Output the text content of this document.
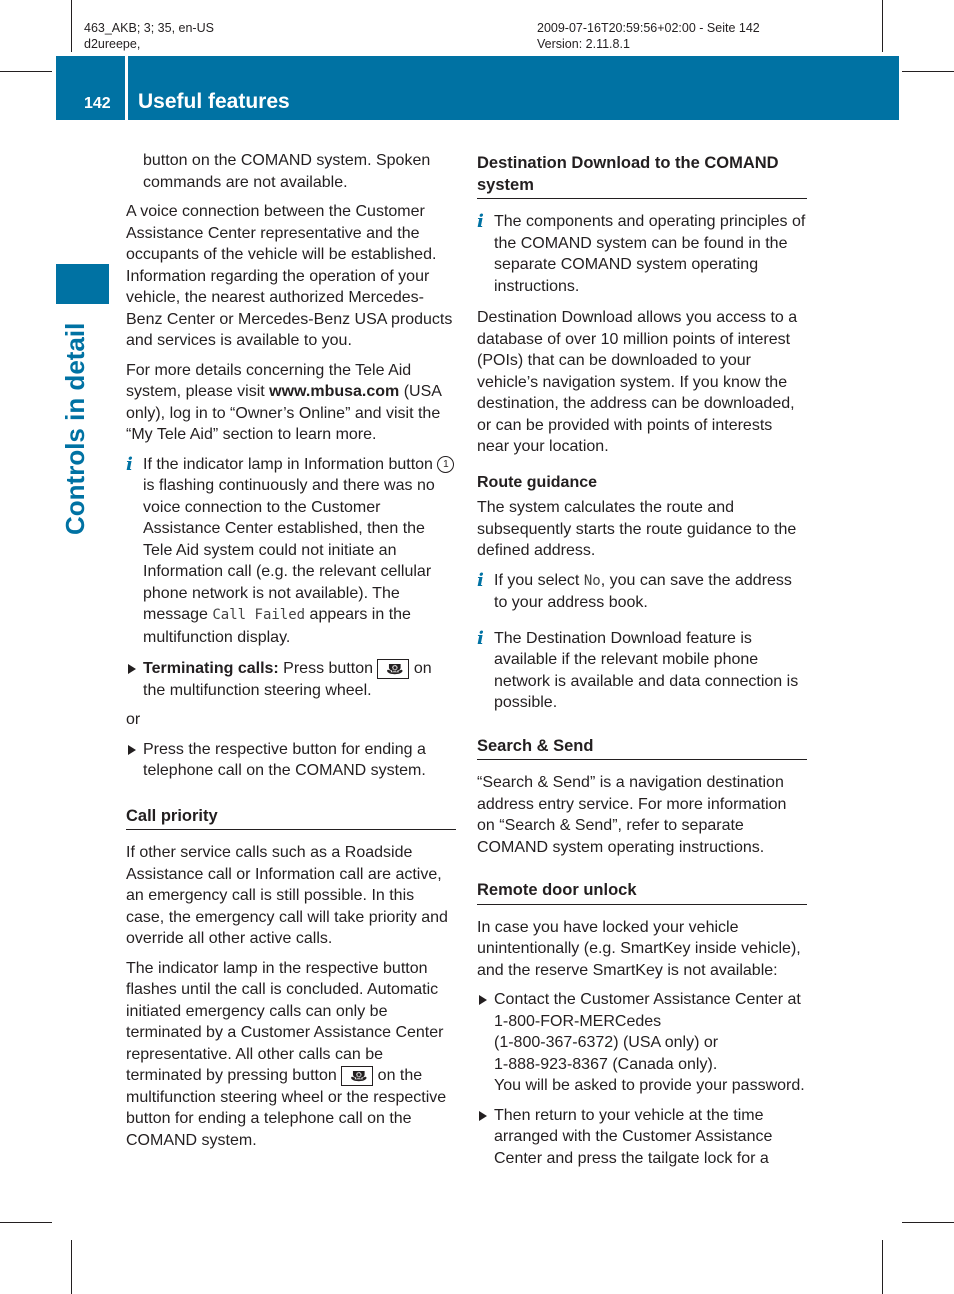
463_AKB; 3; 35, en-US
d2ureepe,
2009-07-16T20:59:56+02:00 - Seite 142
Version: 2.11.8.1
142 Useful features
Controls in detail

button on the COMAND system. Spoken commands are not available.

A voice connection between the Customer Assistance Center representative and the occupants of the vehicle will be established. Information regarding the operation of your vehicle, the nearest authorized Mercedes-Benz Center or Mercedes-Benz USA products and services is available to you.

For more details concerning the Tele Aid system, please visit www.mbusa.com (USA only), log in to “Owner’s Online” and visit the “My Tele Aid” section to learn more.

i If the indicator lamp in Information button 1 is flashing continuously and there was no voice connection to the Customer Assistance Center established, then the Tele Aid system could not initiate an Information call (e.g. the relevant cellular phone network is not available). The message Call Failed appears in the multifunction display.
Terminating calls: Press button ☎ on the multifunction steering wheel.

or

Press the respective button for ending a telephone call on the COMAND system.
Call priority

If other service calls such as a Roadside Assistance call or Information call are active, an emergency call is still possible. In this case, the emergency call will take priority and override all other active calls.

The indicator lamp in the respective button flashes until the call is concluded. Automatic initiated emergency calls can only be terminated by a Customer Assistance Center representative. All other calls can be terminated by pressing button ☎ on the multifunction steering wheel or the respective button for ending a telephone call on the COMAND system.

Destination Download to the COMAND system
i The components and operating principles of the COMAND system can be found in the separate COMAND system operating instructions.

Destination Download allows you access to a database of over 10 million points of interest (POIs) that can be downloaded to your vehicle’s navigation system. If you know the destination, the address can be downloaded, or can be provided with points of interests near your location.

Route guidance

The system calculates the route and subsequently starts the route guidance to the defined address.

i If you select No, you can save the address to your address book.
i The Destination Download feature is available if the relevant mobile phone network is available and data connection is possible.
Search & Send

“Search & Send” is a navigation destination address entry service. For more information on “Search & Send”, refer to separate COMAND system operating instructions.

Remote door unlock

In case you have locked your vehicle unintentionally (e.g. SmartKey inside vehicle), and the reserve SmartKey is not available:

Contact the Customer Assistance Center at 1-800-FOR-MERCedes
(1-800-367-6372) (USA only) or
1-888-923-8367 (Canada only).
You will be asked to provide your password.
Then return to your vehicle at the time arranged with the Customer Assistance Center and press the tailgate lock for a
